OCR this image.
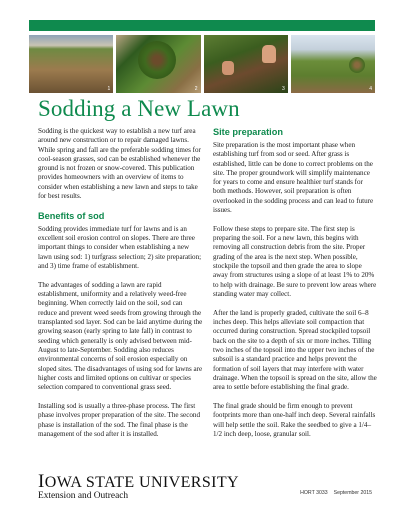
1	2	3	4
Sodding a New Lawn

Sodding is the quickest way to establish a new turf area around new construction or to repair damaged lawns. While spring and fall are the preferable sodding times for cool-season grasses, sod can be established whenever the ground is not frozen or snow-covered. This publication provides homeowners with an overview of items to consider when establishing a new lawn and steps to take for best results.

Benefits of sod

Sodding provides immediate turf for lawns and is an excellent soil erosion control on slopes. There are three important things to consider when establishing a new lawn using sod: 1) turfgrass selection; 2) site preparation; and 3) time frame of establishment.

The advantages of sodding a lawn are rapid establishment, uniformity and a relatively weed-free beginning. When correctly laid on the soil, sod can reduce and prevent weed seeds from growing through the transplanted sod layer. Sod can be laid anytime during the growing season (early spring to late fall) in contrast to seeding which generally is only advised between mid-August to late-September. Sodding also reduces environmental concerns of soil erosion especially on sloped sites. The disadvantages of using sod for lawns are higher costs and limited options on cultivar or species selection compared to conventional grass seed.

Installing sod is usually a three-phase process. The first phase involves proper preparation of the site. The second phase is installation of the sod. The final phase is the management of the sod after it is installed.

Site preparation

Site preparation is the most important phase when establishing turf from sod or seed. After grass is established, little can be done to correct problems on the site. The proper groundwork will simplify maintenance for years to come and ensure healthier turf stands for both methods. However, soil preparation is often overlooked in the sodding process and can lead to future issues.

Follow these steps to prepare site. The first step is preparing the soil. For a new lawn, this begins with removing all construction debris from the site. Proper grading of the area is the next step. When possible, stockpile the topsoil and then grade the area to slope away from structures using a slope of at least 1% to 20% to help with drainage. Be sure to prevent low areas where standing water may collect.

After the land is properly graded, cultivate the soil 6–8 inches deep. This helps alleviate soil compaction that occurred during construction. Spread stockpiled topsoil back on the site to a depth of six or more inches. Tilling two inches of the topsoil into the upper two inches of the subsoil is a standard practice and helps prevent the formation of soil layers that may interfere with water drainage. When the topsoil is spread on the site, allow the area to settle before establishing the final grade.

The final grade should be firm enough to prevent footprints more than one-half inch deep. Several rainfalls will help settle the soil. Rake the seedbed to give a 1/4–1/2 inch deep, loose, granular soil.

IOWA STATE UNIVERSITY
Extension and Outreach	HORT 3033 September 2015
